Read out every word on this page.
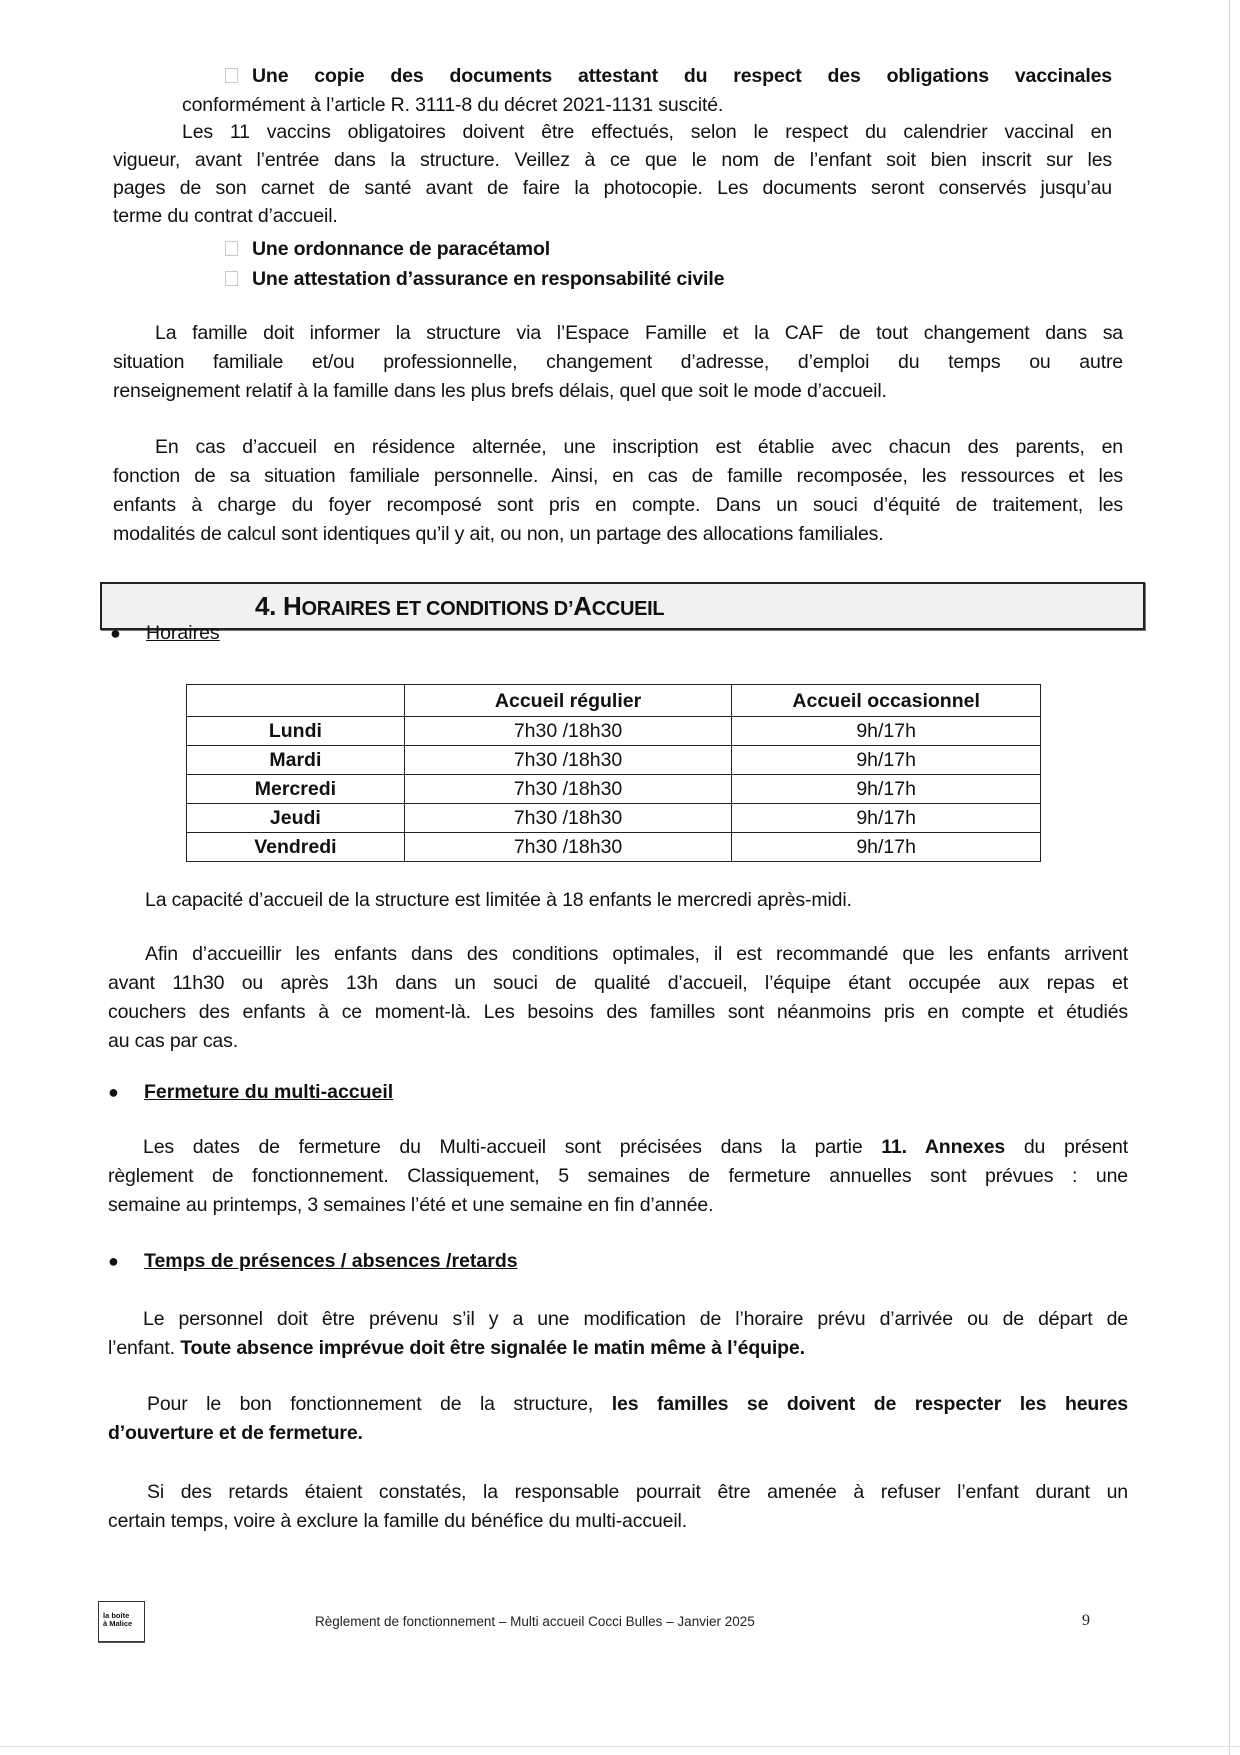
Une copie des documents attestant du respect des obligations vaccinales
conformément à l’article R. 3111-8 du décret 2021-1131 suscité.
Les 11 vaccins obligatoires doivent être effectués, selon le respect du calendrier vaccinal en
vigueur, avant l’entrée dans la structure. Veillez à ce que le nom de l’enfant soit bien inscrit sur les
pages de son carnet de santé avant de faire la photocopie. Les documents seront conservés jusqu’au
terme du contrat d’accueil.
Une ordonnance de paracétamol
Une attestation d’assurance en responsabilité civile
La famille doit informer la structure via l’Espace Famille et la CAF de tout changement dans sa
situation familiale et/ou professionnelle, changement d’adresse, d’emploi du temps ou autre
renseignement relatif à la famille dans les plus brefs délais, quel que soit le mode d’accueil.
En cas d’accueil en résidence alternée, une inscription est établie avec chacun des parents, en
fonction de sa situation familiale personnelle. Ainsi, en cas de famille recomposée, les ressources et les
enfants à charge du foyer recomposé sont pris en compte. Dans un souci d’équité de traitement, les
modalités de calcul sont identiques qu’il y ait, ou non, un partage des allocations familiales.
4. HORAIRES ET CONDITIONS D’ACCUEIL
● Horaires
	Accueil régulier	Accueil occasionnel
Lundi	7h30 /18h30	9h/17h
Mardi	7h30 /18h30	9h/17h
Mercredi	7h30 /18h30	9h/17h
Jeudi	7h30 /18h30	9h/17h
Vendredi	7h30 /18h30	9h/17h
La capacité d’accueil de la structure est limitée à 18 enfants le mercredi après-midi.
Afin d’accueillir les enfants dans des conditions optimales, il est recommandé que les enfants arrivent
avant 11h30 ou après 13h dans un souci de qualité d’accueil, l’équipe étant occupée aux repas et
couchers des enfants à ce moment-là. Les besoins des familles sont néanmoins pris en compte et étudiés
au cas par cas.
● Fermeture du multi-accueil
Les dates de fermeture du Multi-accueil sont précisées dans la partie 11. Annexes du présent
règlement de fonctionnement. Classiquement, 5 semaines de fermeture annuelles sont prévues : une
semaine au printemps, 3 semaines l’été et une semaine en fin d’année.
● Temps de présences / absences /retards
Le personnel doit être prévenu s’il y a une modification de l’horaire prévu d’arrivée ou de départ de
l’enfant. Toute absence imprévue doit être signalée le matin même à l’équipe.
Pour le bon fonctionnement de la structure, les familles se doivent de respecter les heures
d’ouverture et de fermeture.
Si des retards étaient constatés, la responsable pourrait être amenée à refuser l’enfant durant un
certain temps, voire à exclure la famille du bénéfice du multi-accueil.
la boîte
à Malice	Règlement de fonctionnement – Multi accueil Cocci Bulles – Janvier 2025	9
